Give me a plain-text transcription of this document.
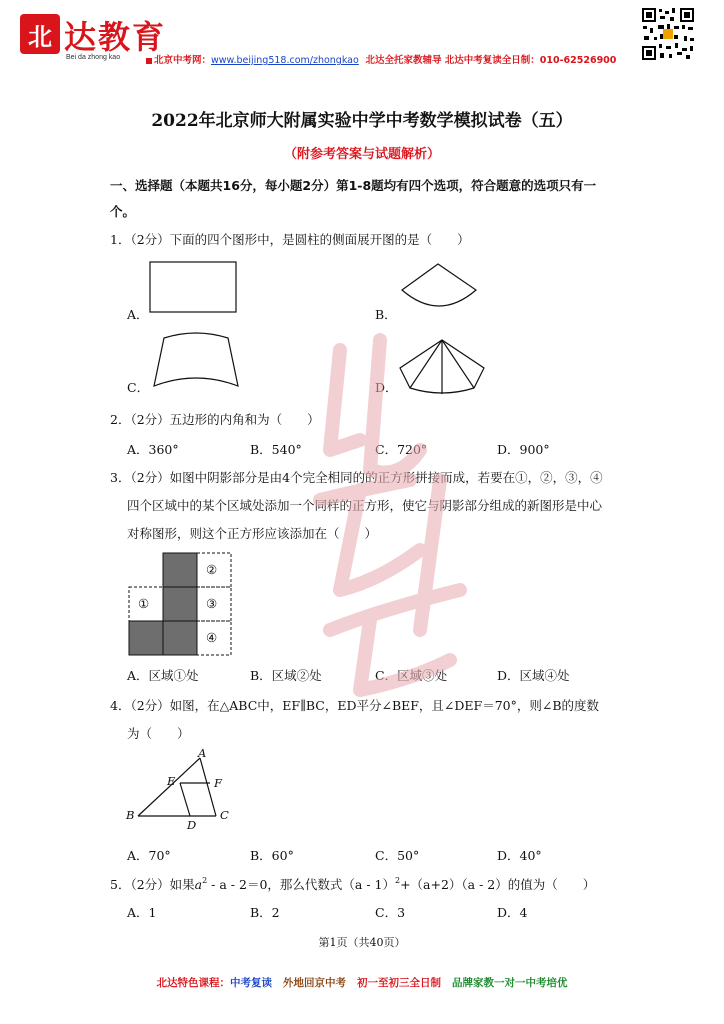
北 达教育
Bei da zhong kao	北京中考网：www.beijing518.com/zhongkao 北达全托家教辅导 北达中考复读全日制：010-62526900
2022年北京师大附属实验中学中考数学模拟试卷（五）
（附参考答案与试题解析）
一、选择题（本题共16分，每小题2分）第1-8题均有四个选项，符合题意的选项只有一
个。
1．（2分）下面的四个图形中，是圆柱的侧面展开图的是（　　）
A．	B．
C．	D．
2．（2分）五边形的内角和为（　　）
A．360°	B．540°	C．720°	D．900°
3．（2分）如图中阴影部分是由4个完全相同的的正方形拼接而成，若要在①，②，③，④
四个区域中的某个区域处添加一个同样的正方形，使它与阴影部分组成的新图形是中心
对称图形，则这个正方形应该添加在（　　）
①
②
③
④
A．区域①处	B．区域②处	C．区域③处	D．区域④处
4．（2分）如图，在△ABC中，EF∥BC，ED平分∠BEF，且∠DEF＝70°，则∠B的度数
为（　　）
A
E	F
B
D
C
A．70°	B．60°	C．50°	D．40°
5．（2分）如果$a^2 - a - 2=0$，那么代数式（a - 1）$^2$+（a+2）（a - 2）的值为（　　）
A．1	B．2	C．3	D．4
第1页（共40页）
北达特色课程：中考复读 外地回京中考 初一至初三全日制 品牌家教一对一中考培优
